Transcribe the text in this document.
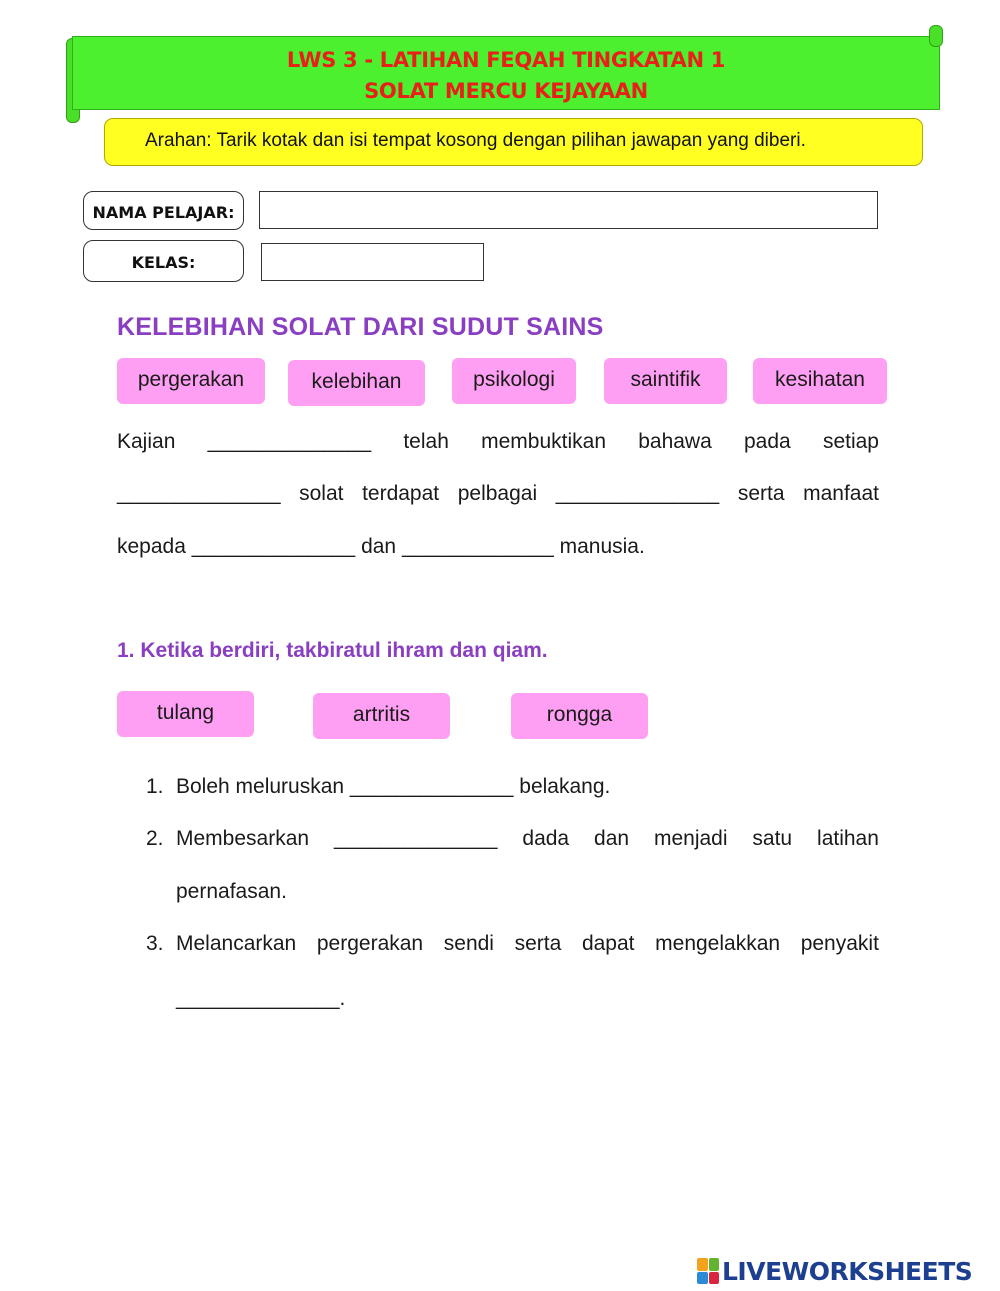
LWS 3 - LATIHAN FEQAH TINGKATAN 1
SOLAT MERCU KEJAYAAN
Arahan: Tarik kotak dan isi tempat kosong dengan pilihan jawapan yang diberi.
NAMA PELAJAR:
KELAS:
KELEBIHAN SOLAT DARI SUDUT SAINS
pergerakan	kelebihan	psikologi	saintifik	kesihatan
Kajian ______________ telah membuktikan bahawa pada setiap
______________ solat terdapat pelbagai ______________ serta manfaat
kepada ______________ dan _____________ manusia.
1. Ketika berdiri, takbiratul ihram dan qiam.
tulang	artritis	rongga
1. Boleh meluruskan ______________ belakang.
2. Membesarkan ______________ dada dan menjadi satu latihan
pernafasan.
3. Melancarkan pergerakan sendi serta dapat mengelakkan penyakit
______________.
LIVEWORKSHEETS
